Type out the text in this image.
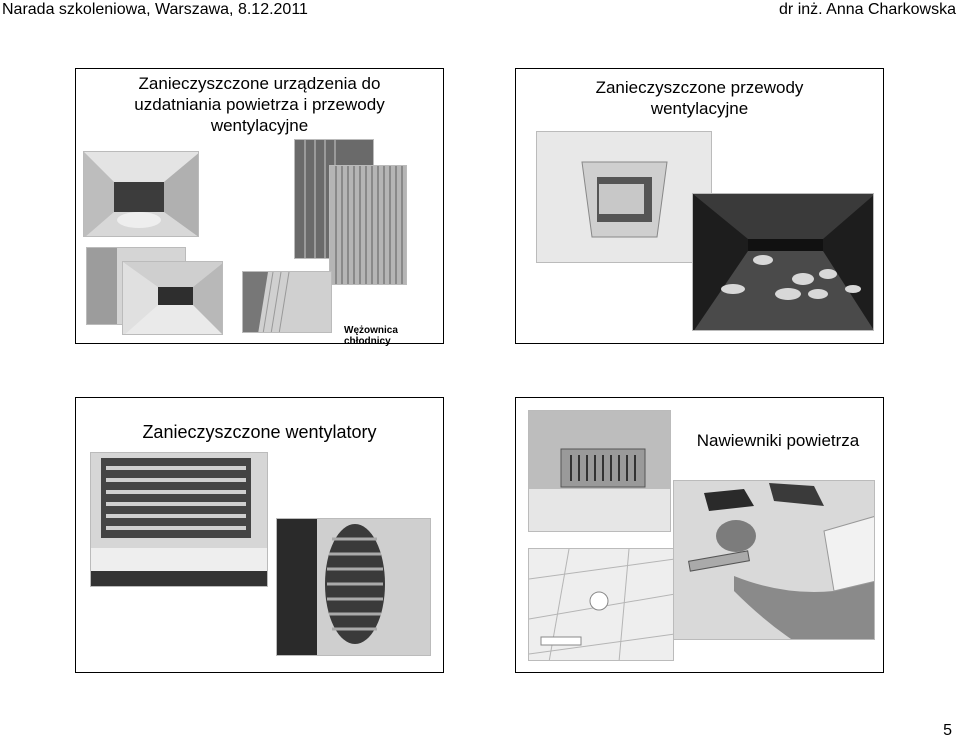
Narada szkoleniowa, Warszawa, 8.12.2011	dr inż. Anna Charkowska
Zanieczyszczone urządzenia do
uzdatniania powietrza i przewody
wentylacyjne
Wężownica chłodnicy
Zanieczyszczone przewody
wentylacyjne
Zanieczyszczone wentylatory	Nawiewniki powietrza
5
